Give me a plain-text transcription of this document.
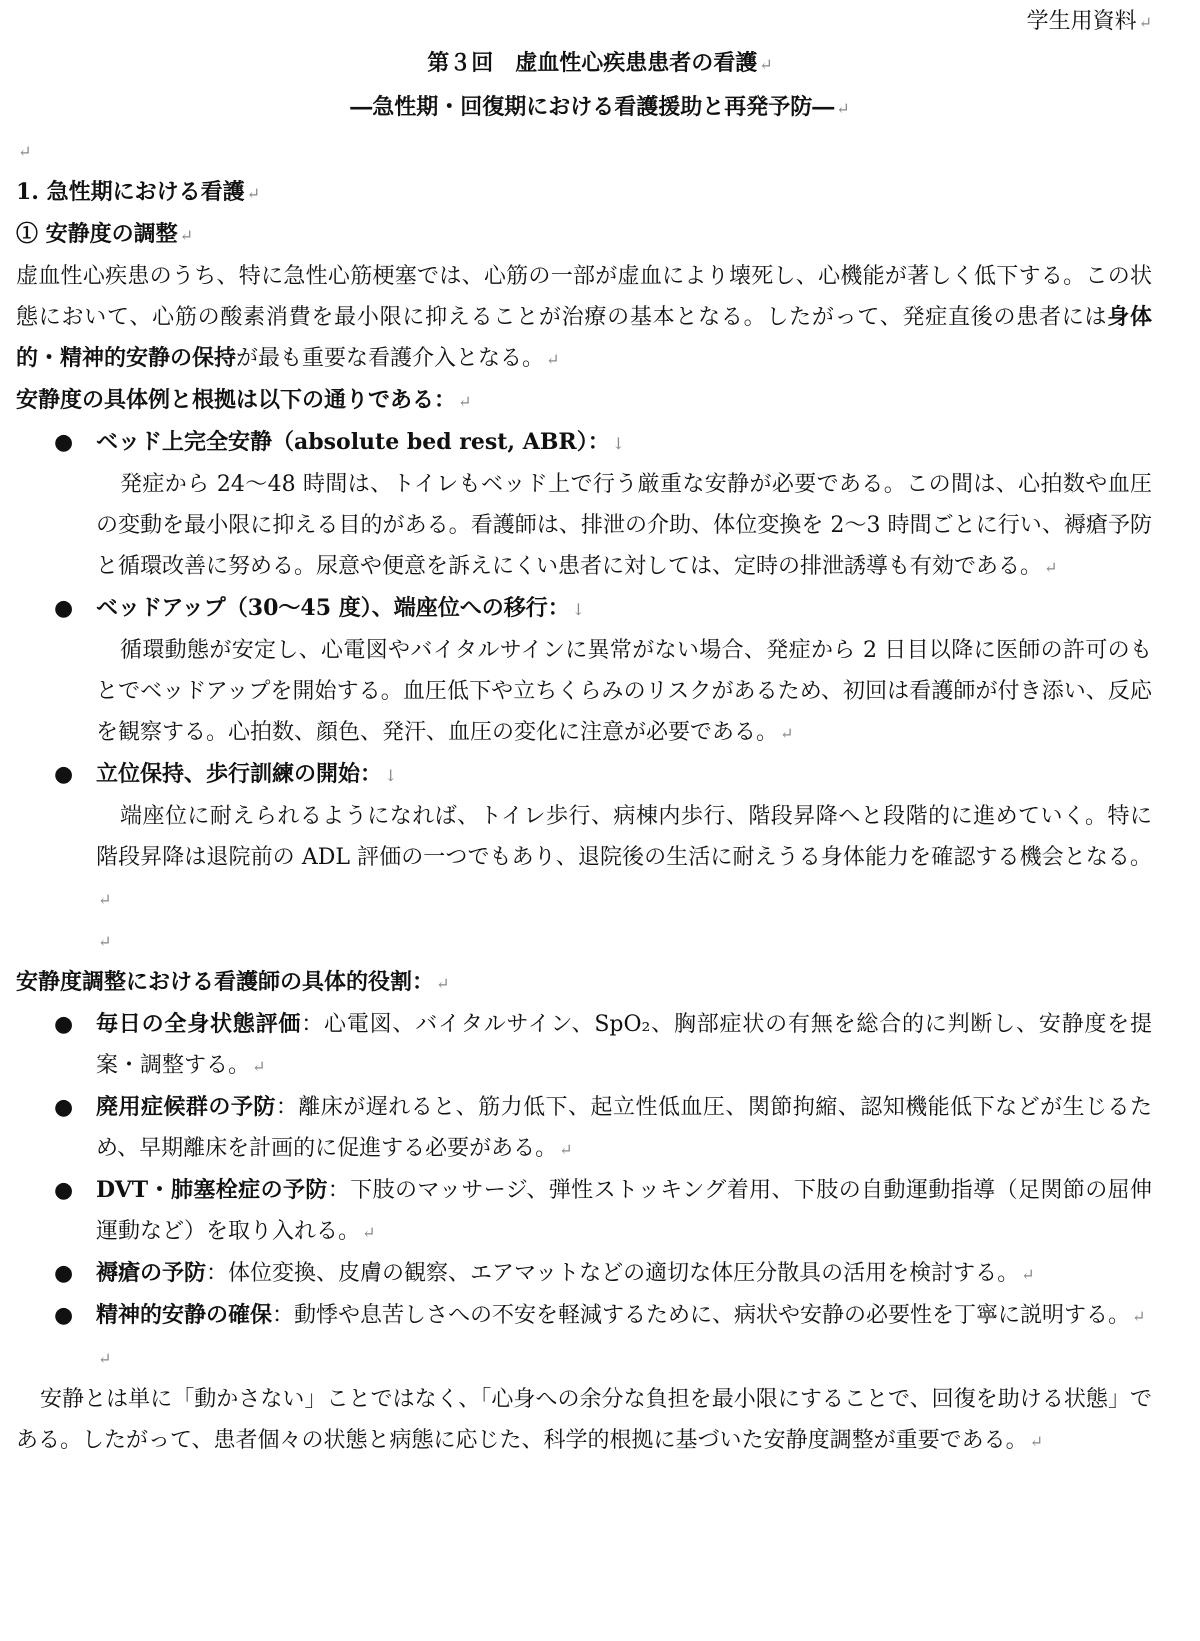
学生用資料 ↵
第３回　虚血性心疾患患者の看護 ↵
―急性期・回復期における看護援助と再発予防― ↵
↵
1. 急性期における看護 ↵
① 安静度の調整 ↵
虚血性心疾患のうち、特に急性心筋梗塞では、心筋の一部が虚血により壊死し、心機能が著しく低下する。この状態において、心筋の酸素消費を最小限に抑えることが治療の基本となる。したがって、発症直後の患者には身体的・精神的安静の保持が最も重要な看護介入となる。 ↵
安静度の具体例と根拠は以下の通りである： ↵
● ベッド上完全安静（absolute bed rest, ABR）： ↓
発症から 24〜48 時間は、トイレもベッド上で行う厳重な安静が必要である。この間は、心拍数や血圧の変動を最小限に抑える目的がある。看護師は、排泄の介助、体位変換を 2〜3 時間ごとに行い、褥瘡予防と循環改善に努める。尿意や便意を訴えにくい患者に対しては、定時の排泄誘導も有効である。 ↵
● ベッドアップ（30〜45 度）、端座位への移行： ↓
循環動態が安定し、心電図やバイタルサインに異常がない場合、発症から 2 日目以降に医師の許可のもとでベッドアップを開始する。血圧低下や立ちくらみのリスクがあるため、初回は看護師が付き添い、反応を観察する。心拍数、顔色、発汗、血圧の変化に注意が必要である。 ↵
● 立位保持、歩行訓練の開始： ↓
端座位に耐えられるようになれば、トイレ歩行、病棟内歩行、階段昇降へと段階的に進めていく。特に階段昇降は退院前の ADL 評価の一つでもあり、退院後の生活に耐えうる身体能力を確認する機会となる。↵
↵
安静度調整における看護師の具体的役割： ↵
● 毎日の全身状態評価：心電図、バイタルサイン、SpO₂、胸部症状の有無を総合的に判断し、安静度を提案・調整する。 ↵
● 廃用症候群の予防：離床が遅れると、筋力低下、起立性低血圧、関節拘縮、認知機能低下などが生じるため、早期離床を計画的に促進する必要がある。 ↵
● DVT・肺塞栓症の予防：下肢のマッサージ、弾性ストッキング着用、下肢の自動運動指導（足関節の屈伸運動など）を取り入れる。 ↵
● 褥瘡の予防：体位変換、皮膚の観察、エアマットなどの適切な体圧分散具の活用を検討する。 ↵
● 精神的安静の確保：動悸や息苦しさへの不安を軽減するために、病状や安静の必要性を丁寧に説明する。 ↵
↵
安静とは単に「動かさない」ことではなく、「心身への余分な負担を最小限にすることで、回復を助ける状態」である。したがって、患者個々の状態と病態に応じた、科学的根拠に基づいた安静度調整が重要である。 ↵
